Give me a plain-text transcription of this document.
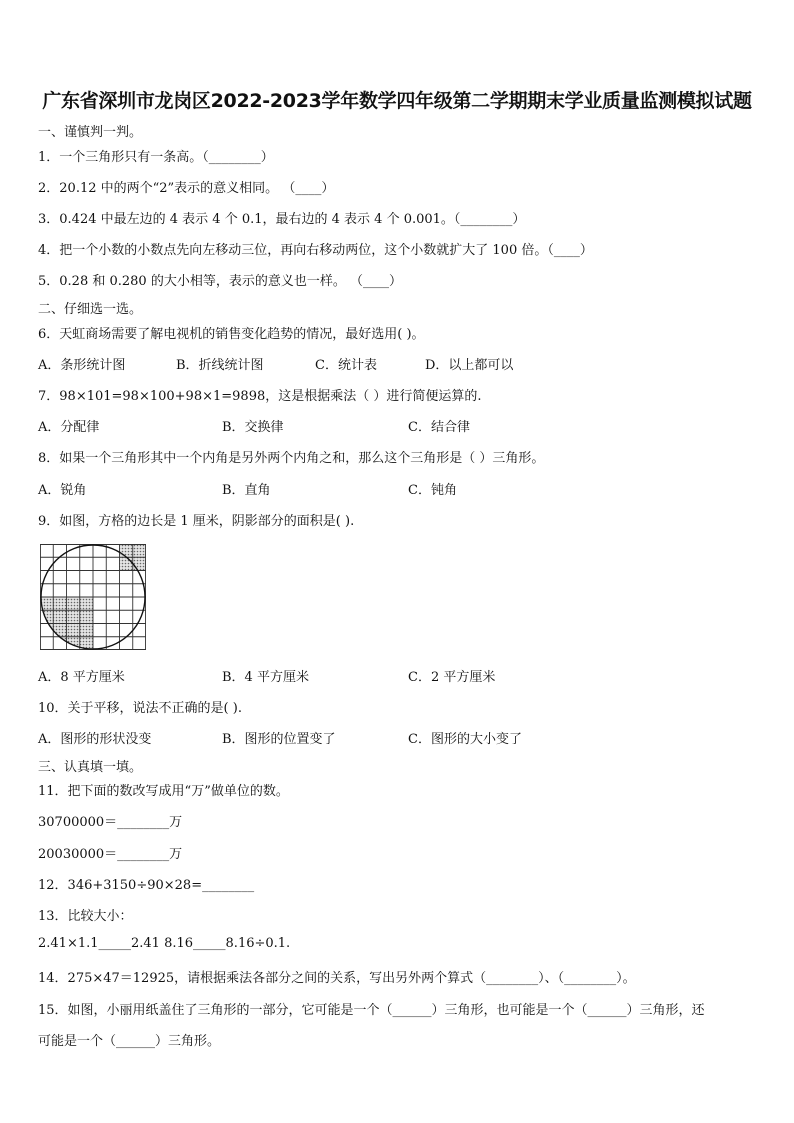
广东省深圳市龙岗区2022-2023学年数学四年级第二学期期末学业质量监测模拟试题
一、谨慎判一判。
1．一个三角形只有一条高。（________）
2．20.12 中的两个“2”表示的意义相同。 （____）
3．0.424 中最左边的 4 表示 4 个 0.1，最右边的 4 表示 4 个 0.001。（________）
4．把一个小数的小数点先向左移动三位，再向右移动两位，这个小数就扩大了 100 倍。（____）
5．0.28 和 0.280 的大小相等，表示的意义也一样。 （____）
二、仔细选一选。
6．天虹商场需要了解电视机的销售变化趋势的情况，最好选用( )。
A．条形统计图	B．折线统计图	C．统计表	D．以上都可以
7．98×101=98×100+98×1=9898，这是根据乘法（ ）进行简便运算的.
A．分配律	B．交换律	C．结合律
8．如果一个三角形其中一个内角是另外两个内角之和，那么这个三角形是（ ）三角形。
A．锐角	B．直角	C．钝角
9．如图，方格的边长是 1 厘米，阴影部分的面积是( ).
A．8 平方厘米	B．4 平方厘米	C．2 平方厘米
10．关于平移，说法不正确的是( ).
A．图形的形状没变	B．图形的位置变了	C．图形的大小变了
三、认真填一填。
11．把下面的数改写成用“万”做单位的数。
30700000＝________万
20030000＝________万
12．346+3150÷90×28=________
13．比较大小：
2.41×1.1_____2.41 8.16_____8.16÷0.1.
14．275×47＝12925，请根据乘法各部分之间的关系，写出另外两个算式（________）、（________）。
15．如图，小丽用纸盖住了三角形的一部分，它可能是一个（______）三角形，也可能是一个（______）三角形，还
可能是一个（______）三角形。
